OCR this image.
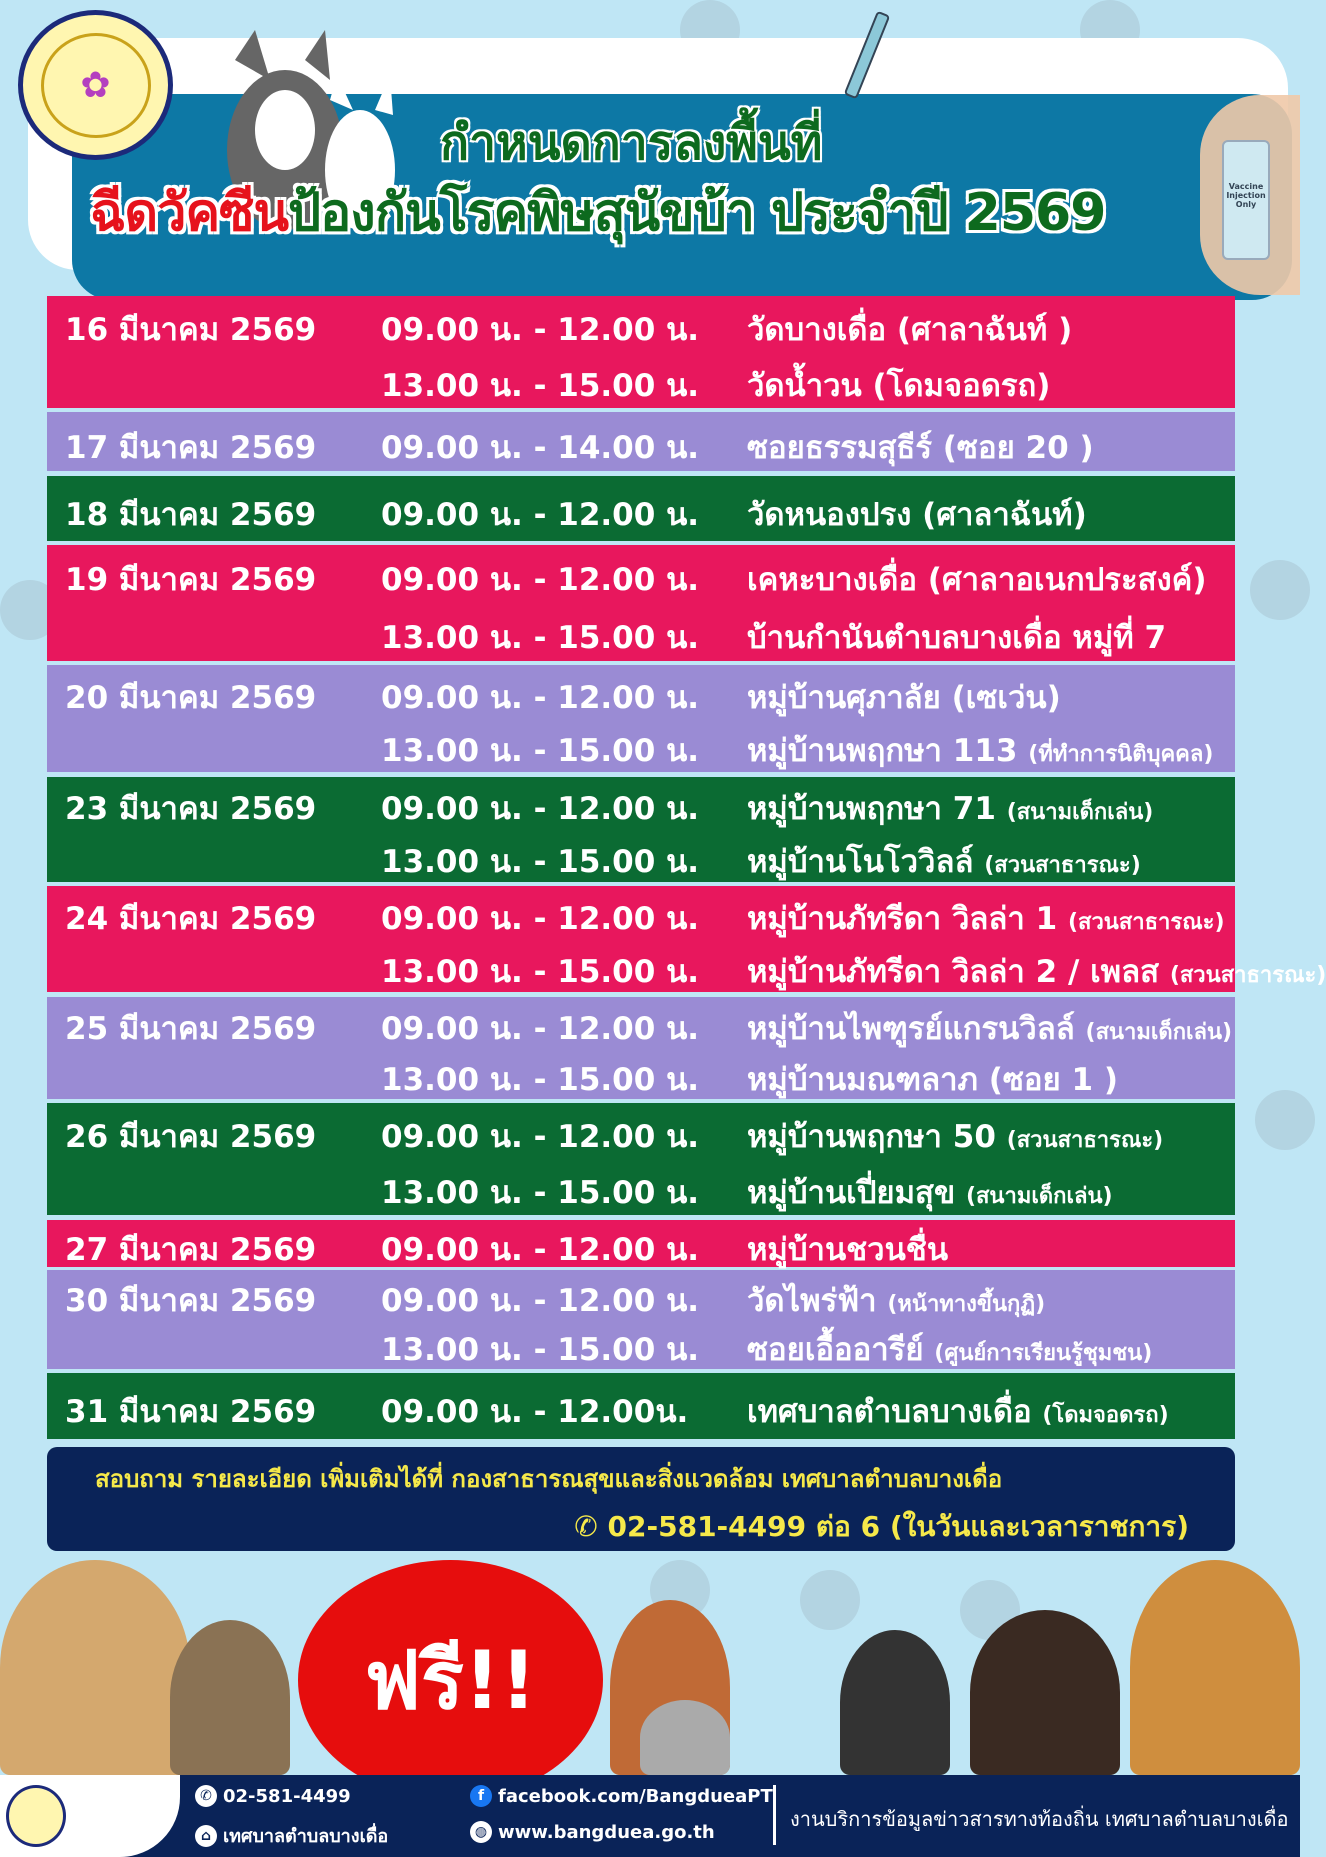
✿
Vaccine Injection Only
กำหนดการลงพื้นที่
ฉีดวัคซีนป้องกันโรคพิษสุนัขบ้า ประจำปี 2569
16 มีนาคม 2569 09.00 น. - 12.00 น. วัดบางเดื่อ (ศาลาฉันท์ )
13.00 น. - 15.00 น. วัดน้ำวน (โดมจอดรถ)
17 มีนาคม 2569 09.00 น. - 14.00 น. ซอยธรรมสุธีร์ (ซอย 20 )
18 มีนาคม 2569 09.00 น. - 12.00 น. วัดหนองปรง (ศาลาฉันท์)
19 มีนาคม 2569 09.00 น. - 12.00 น. เคหะบางเดื่อ (ศาลาอเนกประสงค์)
13.00 น. - 15.00 น. บ้านกำนันตำบลบางเดื่อ หมู่ที่ 7
20 มีนาคม 2569 09.00 น. - 12.00 น. หมู่บ้านศุภาลัย (เซเว่น)
13.00 น. - 15.00 น. หมู่บ้านพฤกษา 113 (ที่ทำการนิติบุคคล)
23 มีนาคม 2569 09.00 น. - 12.00 น. หมู่บ้านพฤกษา 71 (สนามเด็กเล่น)
13.00 น. - 15.00 น. หมู่บ้านโนโววิลล์ (สวนสาธารณะ)
24 มีนาคม 2569 09.00 น. - 12.00 น. หมู่บ้านภัทรีดา วิลล่า 1 (สวนสาธารณะ)
13.00 น. - 15.00 น. หมู่บ้านภัทรีดา วิลล่า 2 / เพลส (สวนสาธารณะ)
25 มีนาคม 2569 09.00 น. - 12.00 น. หมู่บ้านไพฑูรย์แกรนวิลล์ (สนามเด็กเล่น)
13.00 น. - 15.00 น. หมู่บ้านมณฑลาภ (ซอย 1 )
26 มีนาคม 2569 09.00 น. - 12.00 น. หมู่บ้านพฤกษา 50 (สวนสาธารณะ)
13.00 น. - 15.00 น. หมู่บ้านเปี่ยมสุข (สนามเด็กเล่น)
27 มีนาคม 2569 09.00 น. - 12.00 น. หมู่บ้านชวนชื่น
30 มีนาคม 2569 09.00 น. - 12.00 น. วัดไพร่ฟ้า (หน้าทางขึ้นกุฏิ)
13.00 น. - 15.00 น. ซอยเอื้ออารีย์ (ศูนย์การเรียนรู้ชุมชน)
31 มีนาคม 2569 09.00 น. - 12.00น. เทศบาลตำบลบางเดื่อ (โดมจอดรถ)
สอบถาม รายละเอียด เพิ่มเติมได้ที่ กองสาธารณสุขและสิ่งแวดล้อม เทศบาลตำบลบางเดื่อ
✆ 02-581-4499 ต่อ 6 (ในวันและเวลาราชการ)
ฟรี!!
✆ 02-581-4499
⌂ เทศบาลตำบลบางเดื่อ
f facebook.com/BangdueaPT
◍ www.bangduea.go.th
งานบริการข้อมูลข่าวสารทางท้องถิ่น เทศบาลตำบลบางเดื่อ
